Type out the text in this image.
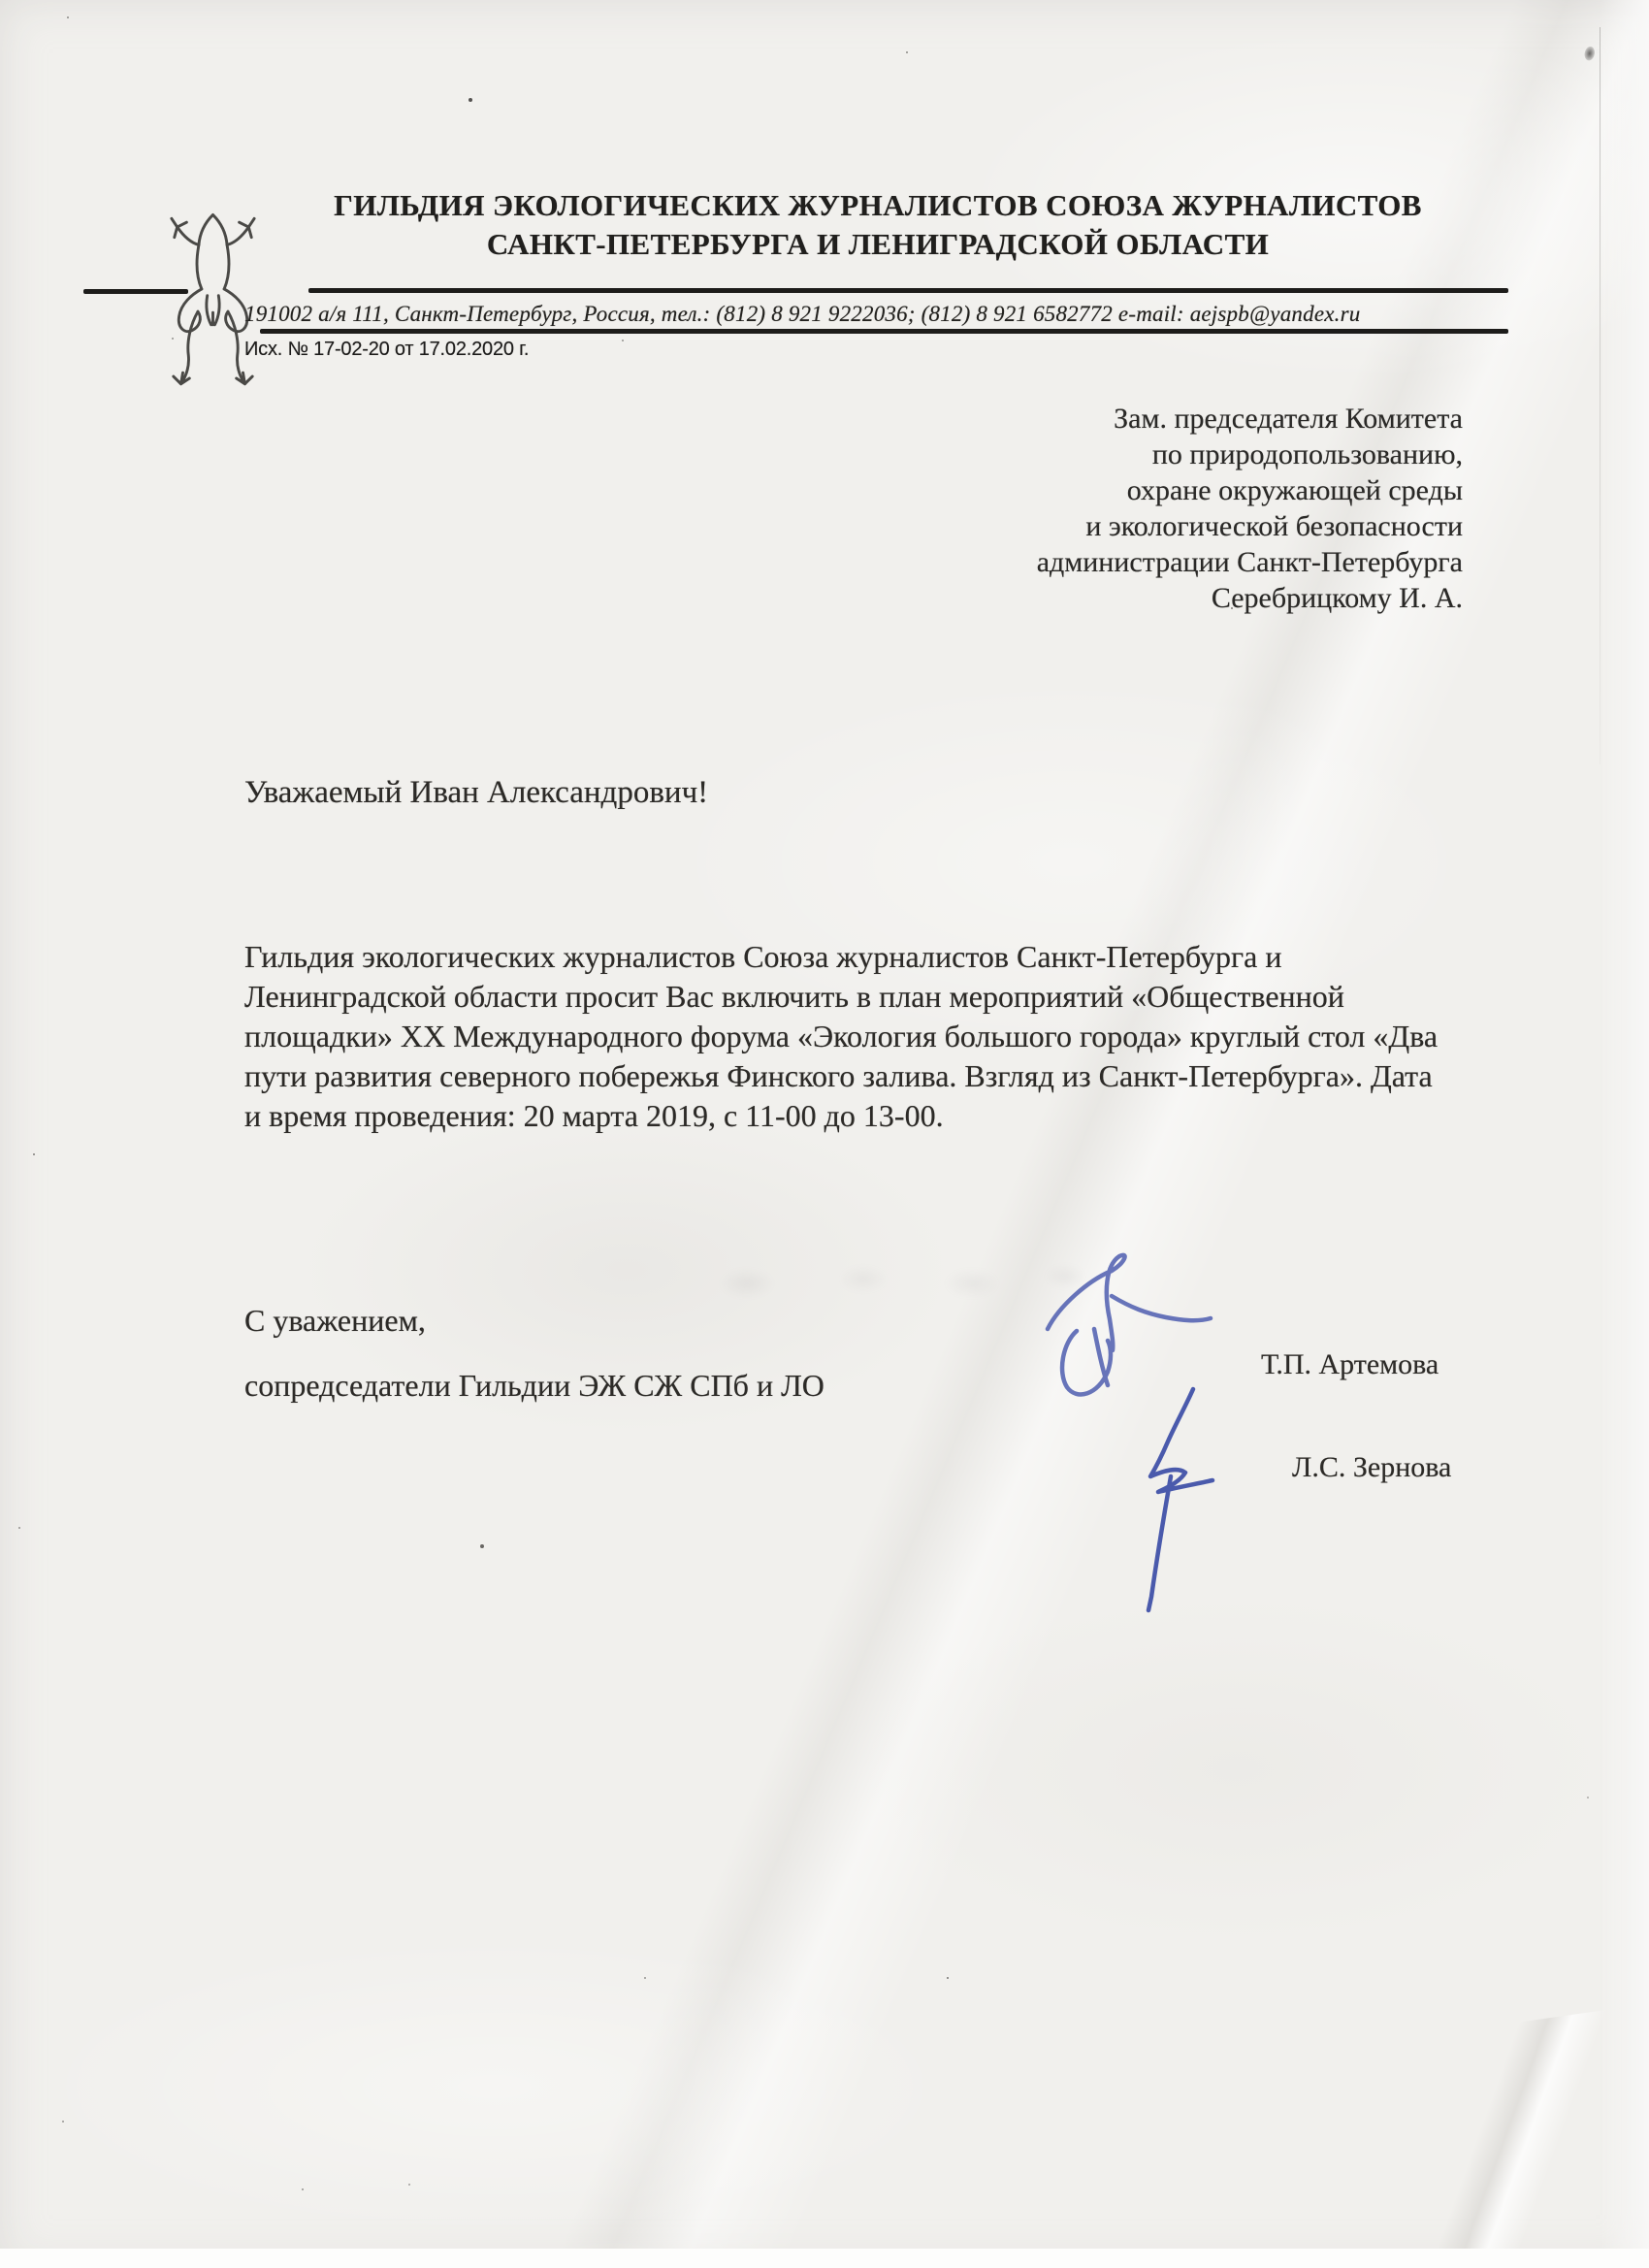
ГИЛЬДИЯ ЭКОЛОГИЧЕСКИХ ЖУРНАЛИСТОВ СОЮЗА ЖУРНАЛИСТОВ
САНКТ-ПЕТЕРБУРГА И ЛЕНИГРАДСКОЙ ОБЛАСТИ
191002 а/я 111, Санкт-Петербург, Россия, тел.: (812) 8 921 9222036; (812) 8 921 6582772 e-mail: aejspb@yandex.ru
Исх. № 17-02-20 от 17.02.2020 г.
Зам. председателя Комитета
по природопользованию,
охране окружающей среды
и экологической безопасности
администрации Санкт-Петербурга
Серебрицкому И. А.
Уважаемый Иван Александрович!
Гильдия экологических журналистов Союза журналистов Санкт-Петербурга и
Ленинградской области просит Вас включить в план мероприятий «Общественной
площадки» XX Международного форума «Экология большого города» круглый стол «Два
пути развития северного побережья Финского залива. Взгляд из Санкт-Петербурга». Дата
и время проведения: 20 марта 2019, с 11-00 до 13-00.
С уважением,
сопредседатели Гильдии ЭЖ СЖ СПб и ЛО
Т.П. Артемова
Л.С. Зернова
